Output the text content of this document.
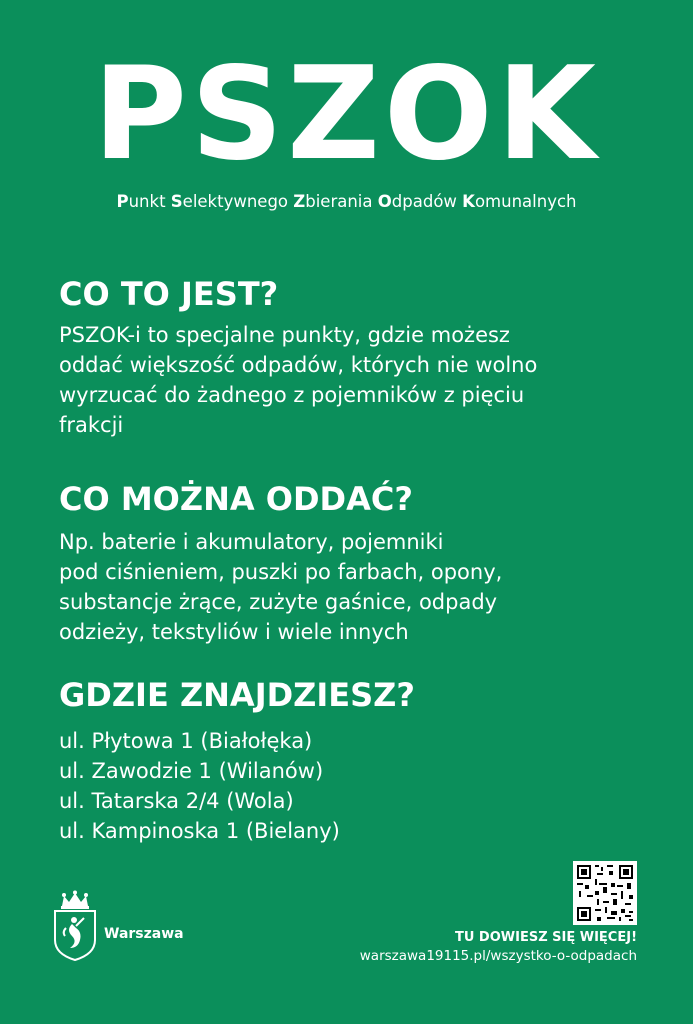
PSZOK
Punkt Selektywnego Zbierania Odpadów Komunalnych
CO TO JEST?
PSZOK-i to specjalne punkty, gdzie możesz
oddać większość odpadów, których nie wolno
wyrzucać do żadnego z pojemników z pięciu
frakcji
CO MOŻNA ODDAĆ?
Np. baterie i akumulatory, pojemniki
pod ciśnieniem, puszki po farbach, opony,
substancje żrące, zużyte gaśnice, odpady
odzieży, tekstyliów i wiele innych
GDZIE ZNAJDZIESZ?
ul. Płytowa 1 (Białołęka)
ul. Zawodzie 1 (Wilanów)
ul. Tatarska 2/4 (Wola)
ul. Kampinoska 1 (Bielany)
Warszawa	TU DOWIESZ SIĘ WIĘCEJ!
warszawa19115.pl/wszystko-o-odpadach
